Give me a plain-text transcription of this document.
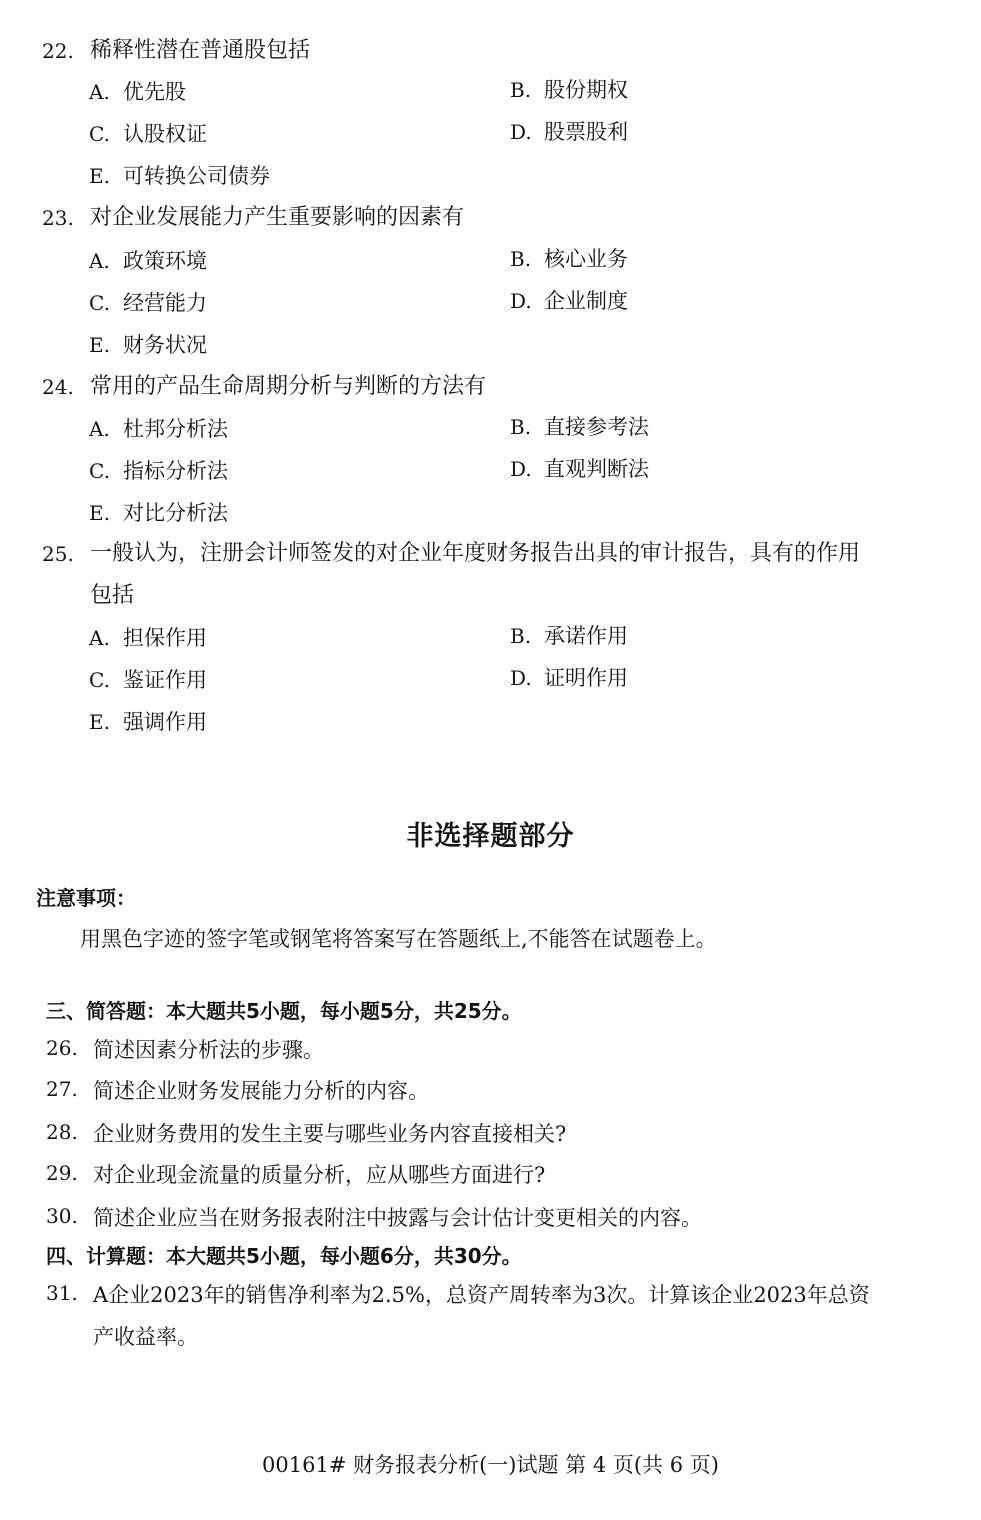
22. 稀释性潜在普通股包括
A. 优先股	B. 股份期权
C. 认股权证	D. 股票股利
E. 可转换公司债券
23. 对企业发展能力产生重要影响的因素有
A. 政策环境	B. 核心业务
C. 经营能力	D. 企业制度
E. 财务状况
24. 常用的产品生命周期分析与判断的方法有
A. 杜邦分析法	B. 直接参考法
C. 指标分析法	D. 直观判断法
E. 对比分析法
25. 一般认为，注册会计师签发的对企业年度财务报告出具的审计报告，具有的作用
包括
A. 担保作用	B. 承诺作用
C. 鉴证作用	D. 证明作用
E. 强调作用
非选择题部分
注意事项：
用黑色字迹的签字笔或钢笔将答案写在答题纸上,不能答在试题卷上。
三、简答题：本大题共5小题，每小题5分，共25分。
26. 简述因素分析法的步骤。
27. 简述企业财务发展能力分析的内容。
28. 企业财务费用的发生主要与哪些业务内容直接相关?
29. 对企业现金流量的质量分析，应从哪些方面进行?
30. 简述企业应当在财务报表附注中披露与会计估计变更相关的内容。
四、计算题：本大题共5小题，每小题6分，共30分。
31. A企业2023年的销售净利率为2.5%，总资产周转率为3次。计算该企业2023年总资
产收益率。
00161# 财务报表分析(一)试题 第 4 页(共 6 页)
